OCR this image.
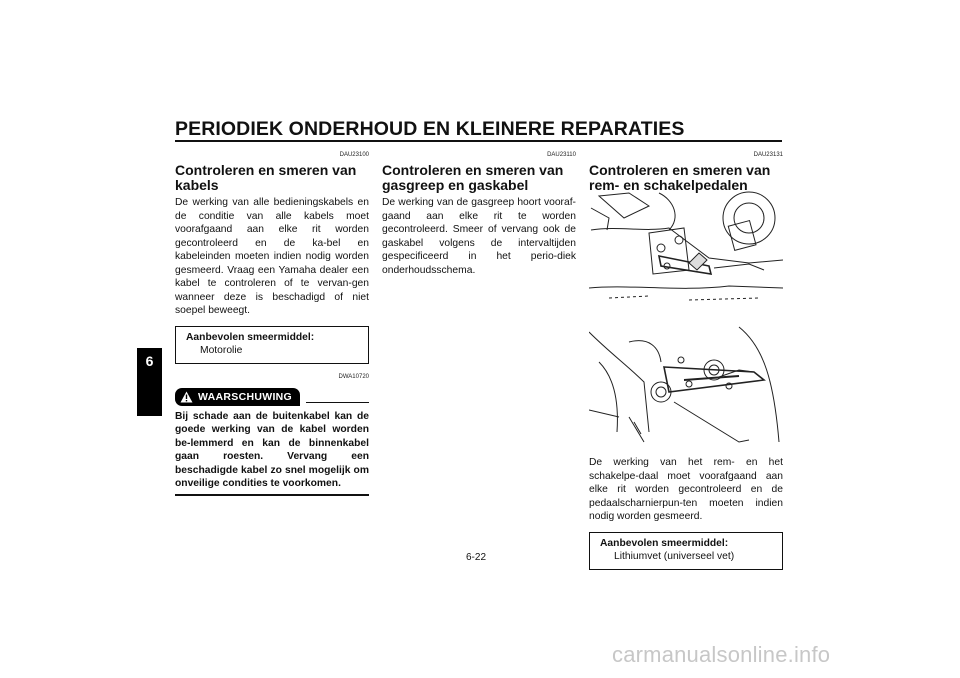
PERIODIEK ONDERHOUD EN KLEINERE REPARATIES
6
DAU23100
Controleren en smeren van kabels
De werking van alle bedieningskabels en de conditie van alle kabels moet voorafgaand aan elke rit worden gecontroleerd en de ka-bel en kabeleinden moeten indien nodig worden gesmeerd. Vraag een Yamaha dealer een kabel te controleren of te vervan-gen wanneer deze is beschadigd of niet soepel beweegt.
Aanbevolen smeermiddel:
Motorolie
DWA10720
WAARSCHUWING
Bij schade aan de buitenkabel kan de goede werking van de kabel worden be-lemmerd en kan de binnenkabel gaan roesten. Vervang een beschadigde kabel zo snel mogelijk om onveilige condities te voorkomen.
DAU23110
Controleren en smeren van gasgreep en gaskabel
De werking van de gasgreep hoort vooraf-gaand aan elke rit te worden gecontroleerd. Smeer of vervang ook de gaskabel volgens de intervaltijden gespecificeerd in het perio-diek onderhoudsschema.
DAU23131
Controleren en smeren van rem- en schakelpedalen
De werking van het rem- en het schakelpe-daal moet voorafgaand aan elke rit worden gecontroleerd en de pedaalscharnierpun-ten moeten indien nodig worden gesmeerd.
Aanbevolen smeermiddel:
Lithiumvet (universeel vet)
6-22
carmanualsonline.info
